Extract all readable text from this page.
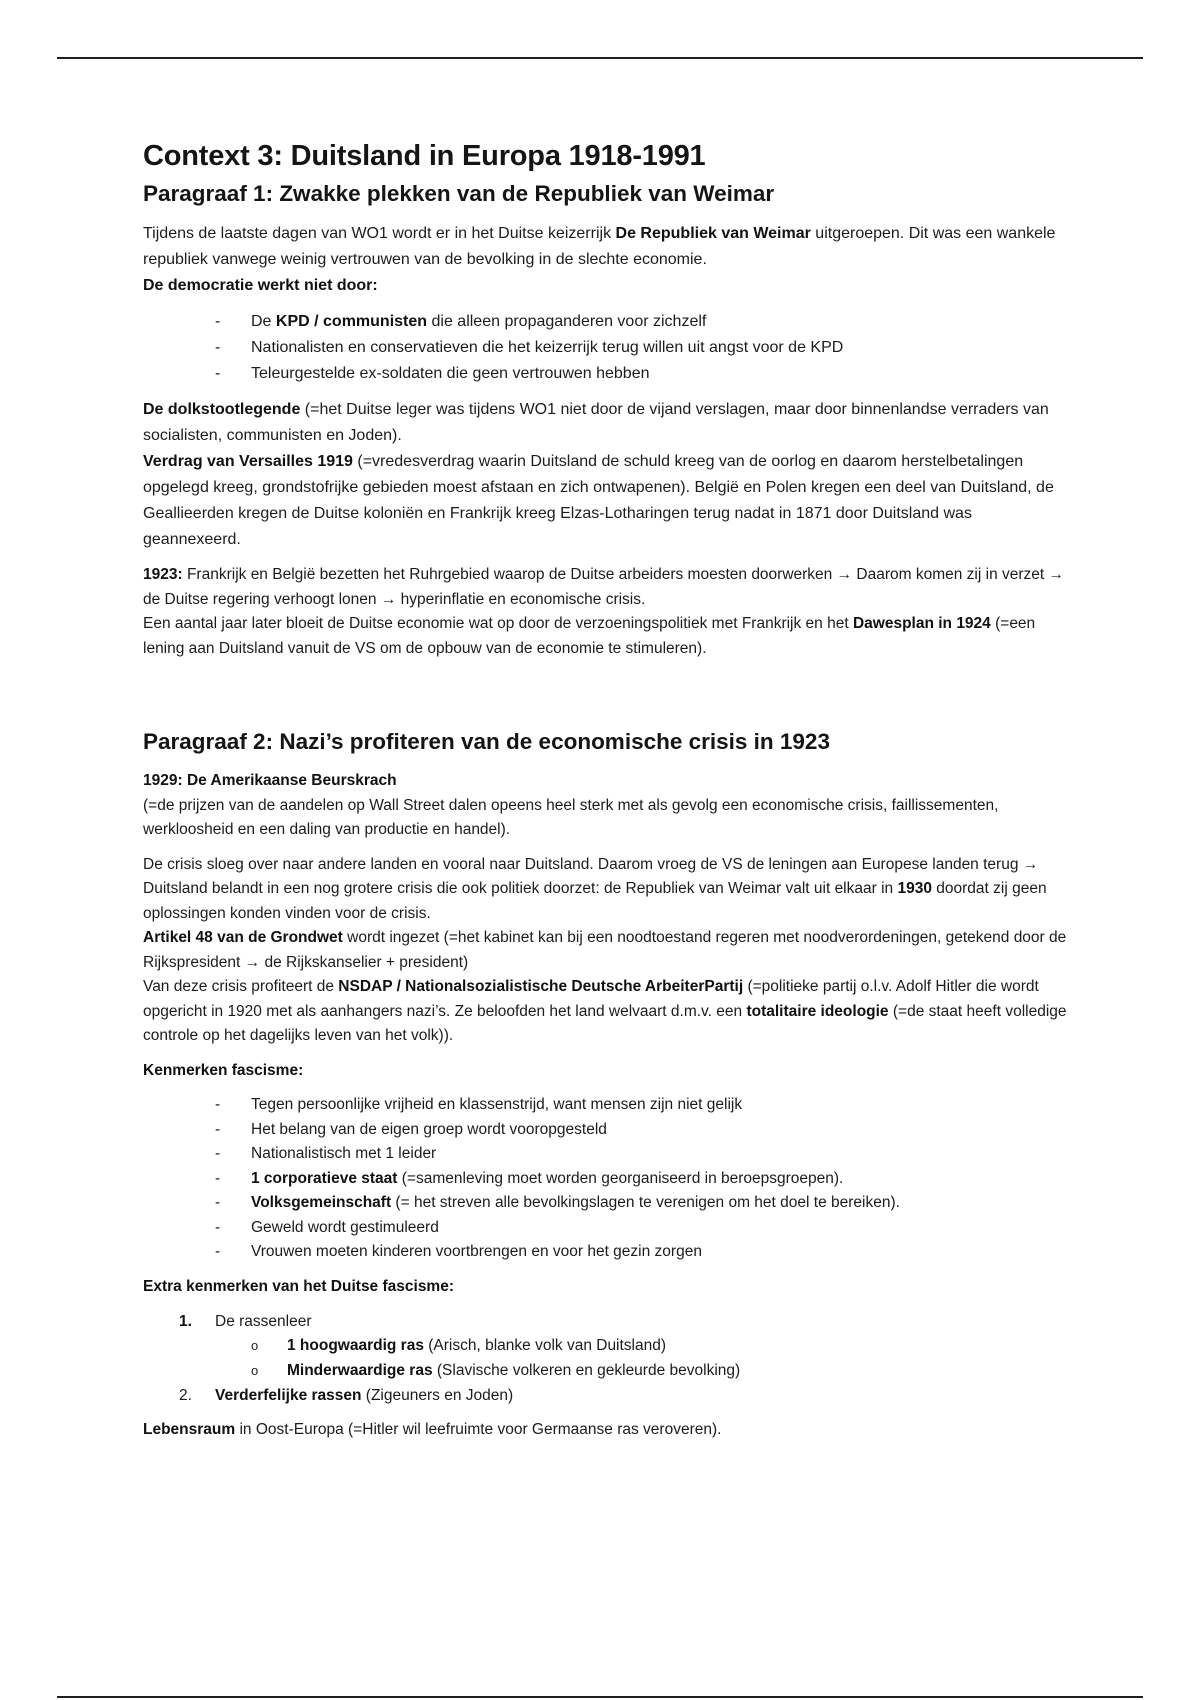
Context 3: Duitsland in Europa 1918-1991
Paragraaf 1: Zwakke plekken van de Republiek van Weimar

Tijdens de laatste dagen van WO1 wordt er in het Duitse keizerrijk De Republiek van Weimar uitgeroepen. Dit was een wankele republiek vanwege weinig vertrouwen van de bevolking in de slechte economie.

De democratie werkt niet door:

- De KPD / communisten die alleen propaganderen voor zichzelf
- Nationalisten en conservatieven die het keizerrijk terug willen uit angst voor de KPD
- Teleurgestelde ex-soldaten die geen vertrouwen hebben

De dolkstootlegende (=het Duitse leger was tijdens WO1 niet door de vijand verslagen, maar door binnenlandse verraders van socialisten, communisten en Joden).

Verdrag van Versailles 1919 (=vredesverdrag waarin Duitsland de schuld kreeg van de oorlog en daarom herstelbetalingen opgelegd kreeg, grondstofrijke gebieden moest afstaan en zich ontwapenen). België en Polen kregen een deel van Duitsland, de Geallieerden kregen de Duitse koloniën en Frankrijk kreeg Elzas-Lotharingen terug nadat in 1871 door Duitsland was geannexeerd.

1923: Frankrijk en België bezetten het Ruhrgebied waarop de Duitse arbeiders moesten doorwerken → Daarom komen zij in verzet → de Duitse regering verhoogt lonen → hyperinflatie en economische crisis.

Een aantal jaar later bloeit de Duitse economie wat op door de verzoeningspolitiek met Frankrijk en het Dawesplan in 1924 (=een lening aan Duitsland vanuit de VS om de opbouw van de economie te stimuleren).

Paragraaf 2: Nazi’s profiteren van de economische crisis in 1923

1929: De Amerikaanse Beurskrach

(=de prijzen van de aandelen op Wall Street dalen opeens heel sterk met als gevolg een economische crisis, faillissementen, werkloosheid en een daling van productie en handel).

De crisis sloeg over naar andere landen en vooral naar Duitsland. Daarom vroeg de VS de leningen aan Europese landen terug → Duitsland belandt in een nog grotere crisis die ook politiek doorzet: de Republiek van Weimar valt uit elkaar in 1930 doordat zij geen oplossingen konden vinden voor de crisis.

Artikel 48 van de Grondwet wordt ingezet (=het kabinet kan bij een noodtoestand regeren met noodverordeningen, getekend door de Rijkspresident → de Rijkskanselier + president)

Van deze crisis profiteert de NSDAP / Nationalsozialistische Deutsche ArbeiterPartij (=politieke partij o.l.v. Adolf Hitler die wordt opgericht in 1920 met als aanhangers nazi’s. Ze beloofden het land welvaart d.m.v. een totalitaire ideologie (=de staat heeft volledige controle op het dagelijks leven van het volk)).

Kenmerken fascisme:

- Tegen persoonlijke vrijheid en klassenstrijd, want mensen zijn niet gelijk
- Het belang van de eigen groep wordt vooropgesteld
- Nationalistisch met 1 leider
- 1 corporatieve staat (=samenleving moet worden georganiseerd in beroepsgroepen).
- Volksgemeinschaft (= het streven alle bevolkingslagen te verenigen om het doel te bereiken).
- Geweld wordt gestimuleerd
- Vrouwen moeten kinderen voortbrengen en voor het gezin zorgen

Extra kenmerken van het Duitse fascisme:

1. De rassenleer
o 1 hoogwaardig ras (Arisch, blanke volk van Duitsland)
o Minderwaardige ras (Slavische volkeren en gekleurde bevolking)
2. Verderfelijke rassen (Zigeuners en Joden)

Lebensraum in Oost-Europa (=Hitler wil leefruimte voor Germaanse ras veroveren).
